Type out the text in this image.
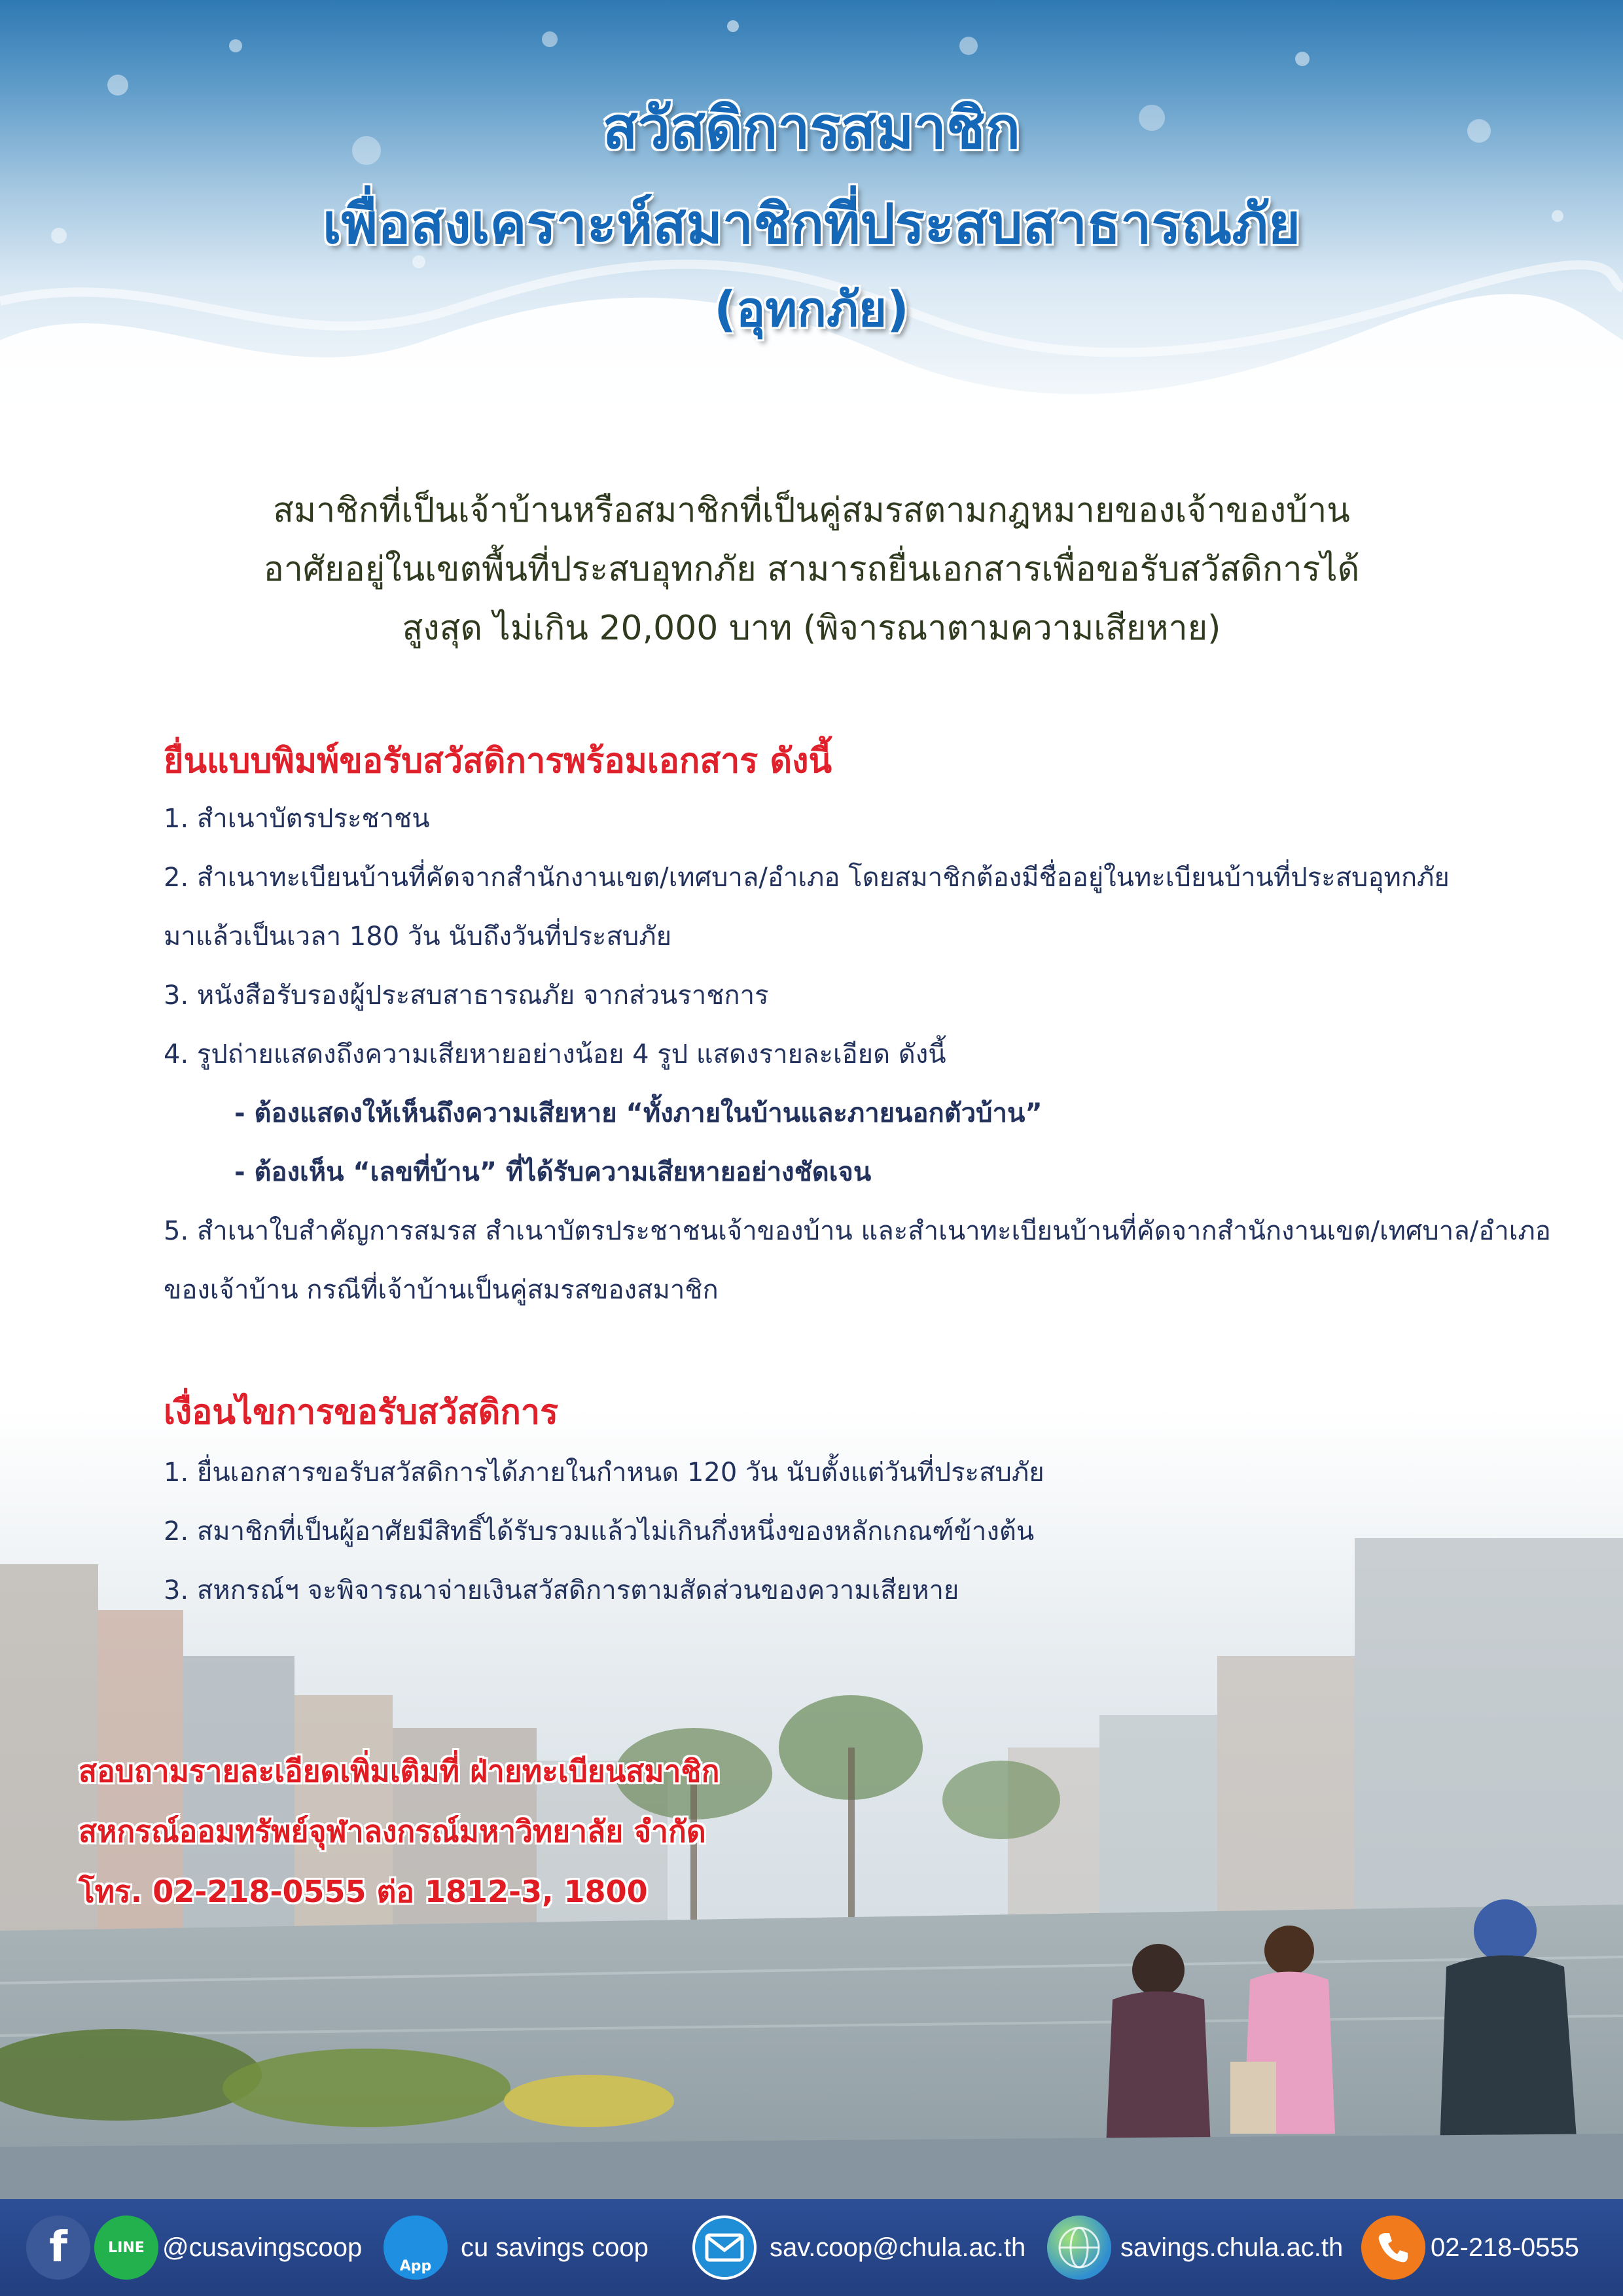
สวัสดิการสมาชิก
เพื่อสงเคราะห์สมาชิกที่ประสบสาธารณภัย
(อุทกภัย)

สมาชิกที่เป็นเจ้าบ้านหรือสมาชิกที่เป็นคู่สมรสตามกฎหมายของเจ้าของบ้าน

อาศัยอยู่ในเขตพื้นที่ประสบอุทกภัย สามารถยื่นเอกสารเพื่อขอรับสวัสดิการได้

สูงสุด ไม่เกิน 20,000 บาท (พิจารณาตามความเสียหาย)

ยื่นแบบพิมพ์ขอรับสวัสดิการพร้อมเอกสาร ดังนี้
1. สำเนาบัตรประชาชน
2. สำเนาทะเบียนบ้านที่คัดจากสำนักงานเขต/เทศบาล/อำเภอ โดยสมาชิกต้องมีชื่ออยู่ในทะเบียนบ้านที่ประสบอุทกภัย
มาแล้วเป็นเวลา 180 วัน นับถึงวันที่ประสบภัย
3. หนังสือรับรองผู้ประสบสาธารณภัย จากส่วนราชการ
4. รูปถ่ายแสดงถึงความเสียหายอย่างน้อย 4 รูป แสดงรายละเอียด ดังนี้
- ต้องแสดงให้เห็นถึงความเสียหาย “ทั้งภายในบ้านและภายนอกตัวบ้าน”
- ต้องเห็น “เลขที่บ้าน” ที่ได้รับความเสียหายอย่างชัดเจน
5. สำเนาใบสำคัญการสมรส สำเนาบัตรประชาชนเจ้าของบ้าน และสำเนาทะเบียนบ้านที่คัดจากสำนักงานเขต/เทศบาล/อำเภอ
ของเจ้าบ้าน กรณีที่เจ้าบ้านเป็นคู่สมรสของสมาชิก
เงื่อนไขการขอรับสวัสดิการ
1. ยื่นเอกสารขอรับสวัสดิการได้ภายในกำหนด 120 วัน นับตั้งแต่วันที่ประสบภัย
2. สมาชิกที่เป็นผู้อาศัยมีสิทธิ์ได้รับรวมแล้วไม่เกินกึ่งหนึ่งของหลักเกณฑ์ข้างต้น
3. สหกรณ์ฯ จะพิจารณาจ่ายเงินสวัสดิการตามสัดส่วนของความเสียหาย
สอบถามรายละเอียดเพิ่มเติมที่ ฝ่ายทะเบียนสมาชิก
สหกรณ์ออมทรัพย์จุฬาลงกรณ์มหาวิทยาลัย จำกัด
โทร. 02-218-0555 ต่อ 1812-3, 1800
f	LINE @cusavingscoop
App
cu savings coop	sav.coop@chula.ac.th	savings.chula.ac.th	02-218-0555
